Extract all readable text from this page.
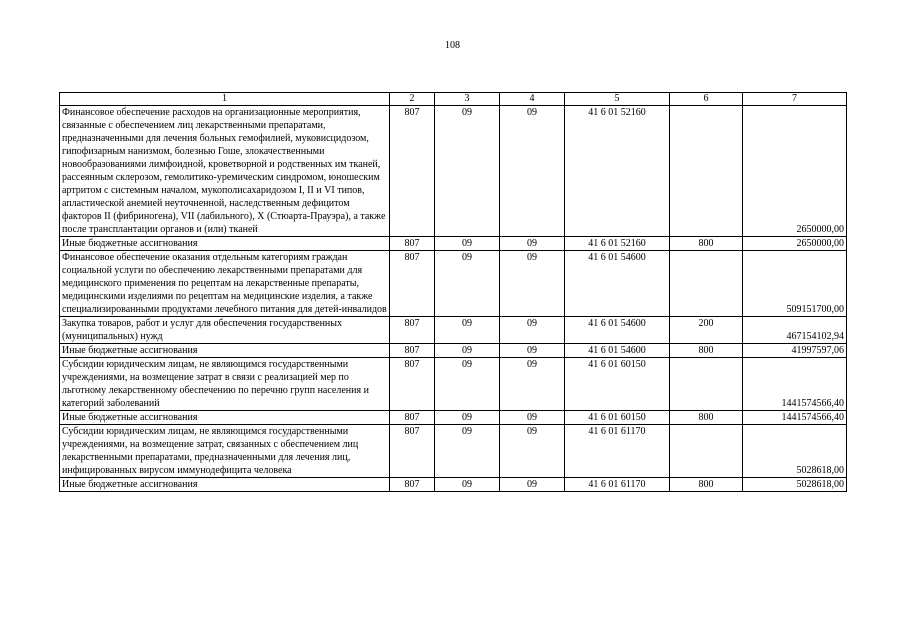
108
1	2	3	4	5	6	7
Финансовое обеспечение расходов на организационные мероприятия, связанные с обеспечением лиц лекарственными препаратами, предназначенными для лечения больных гемофилией, муковисцидозом, гипофизарным нанизмом, болезнью Гоше, злокачественными новообразованиями лимфоидной, кроветворной и родственных им тканей, рассеянным склерозом, гемолитико-уремическим синдромом, юношеским артритом с системным началом, мукополисахаридозом I, II и VI типов, апластической анемией неуточненной, наследственным дефицитом факторов II (фибриногена), VII (лабильного), X (Стюарта-Прауэра), а также после трансплантации органов и (или) тканей	807	09	09	41 6 01 52160		2650000,00
Иные бюджетные ассигнования	807	09	09	41 6 01 52160	800	2650000,00
Финансовое обеспечение оказания отдельным категориям граждан социальной услуги по обеспечению лекарственными препаратами для медицинского применения по рецептам на лекарственные препараты, медицинскими изделиями по рецептам на медицинские изделия, а также специализированными продуктами лечебного питания для детей-инвалидов	807	09	09	41 6 01 54600		509151700,00
Закупка товаров, работ и услуг для обеспечения государственных (муниципальных) нужд	807	09	09	41 6 01 54600	200	467154102,94
Иные бюджетные ассигнования	807	09	09	41 6 01 54600	800	41997597,06
Субсидии юридическим лицам, не являющимся государственными учреждениями, на возмещение затрат в связи с реализацией мер по льготному лекарственному обеспечению по перечню групп населения и категорий заболеваний	807	09	09	41 6 01 60150		1441574566,40
Иные бюджетные ассигнования	807	09	09	41 6 01 60150	800	1441574566,40
Субсидии юридическим лицам, не являющимся государственными учреждениями, на возмещение затрат, связанных с обеспечением лиц лекарственными препаратами, предназначенными для лечения лиц, инфицированных вирусом иммунодефицита человека	807	09	09	41 6 01 61170		5028618,00
Иные бюджетные ассигнования	807	09	09	41 6 01 61170	800	5028618,00
